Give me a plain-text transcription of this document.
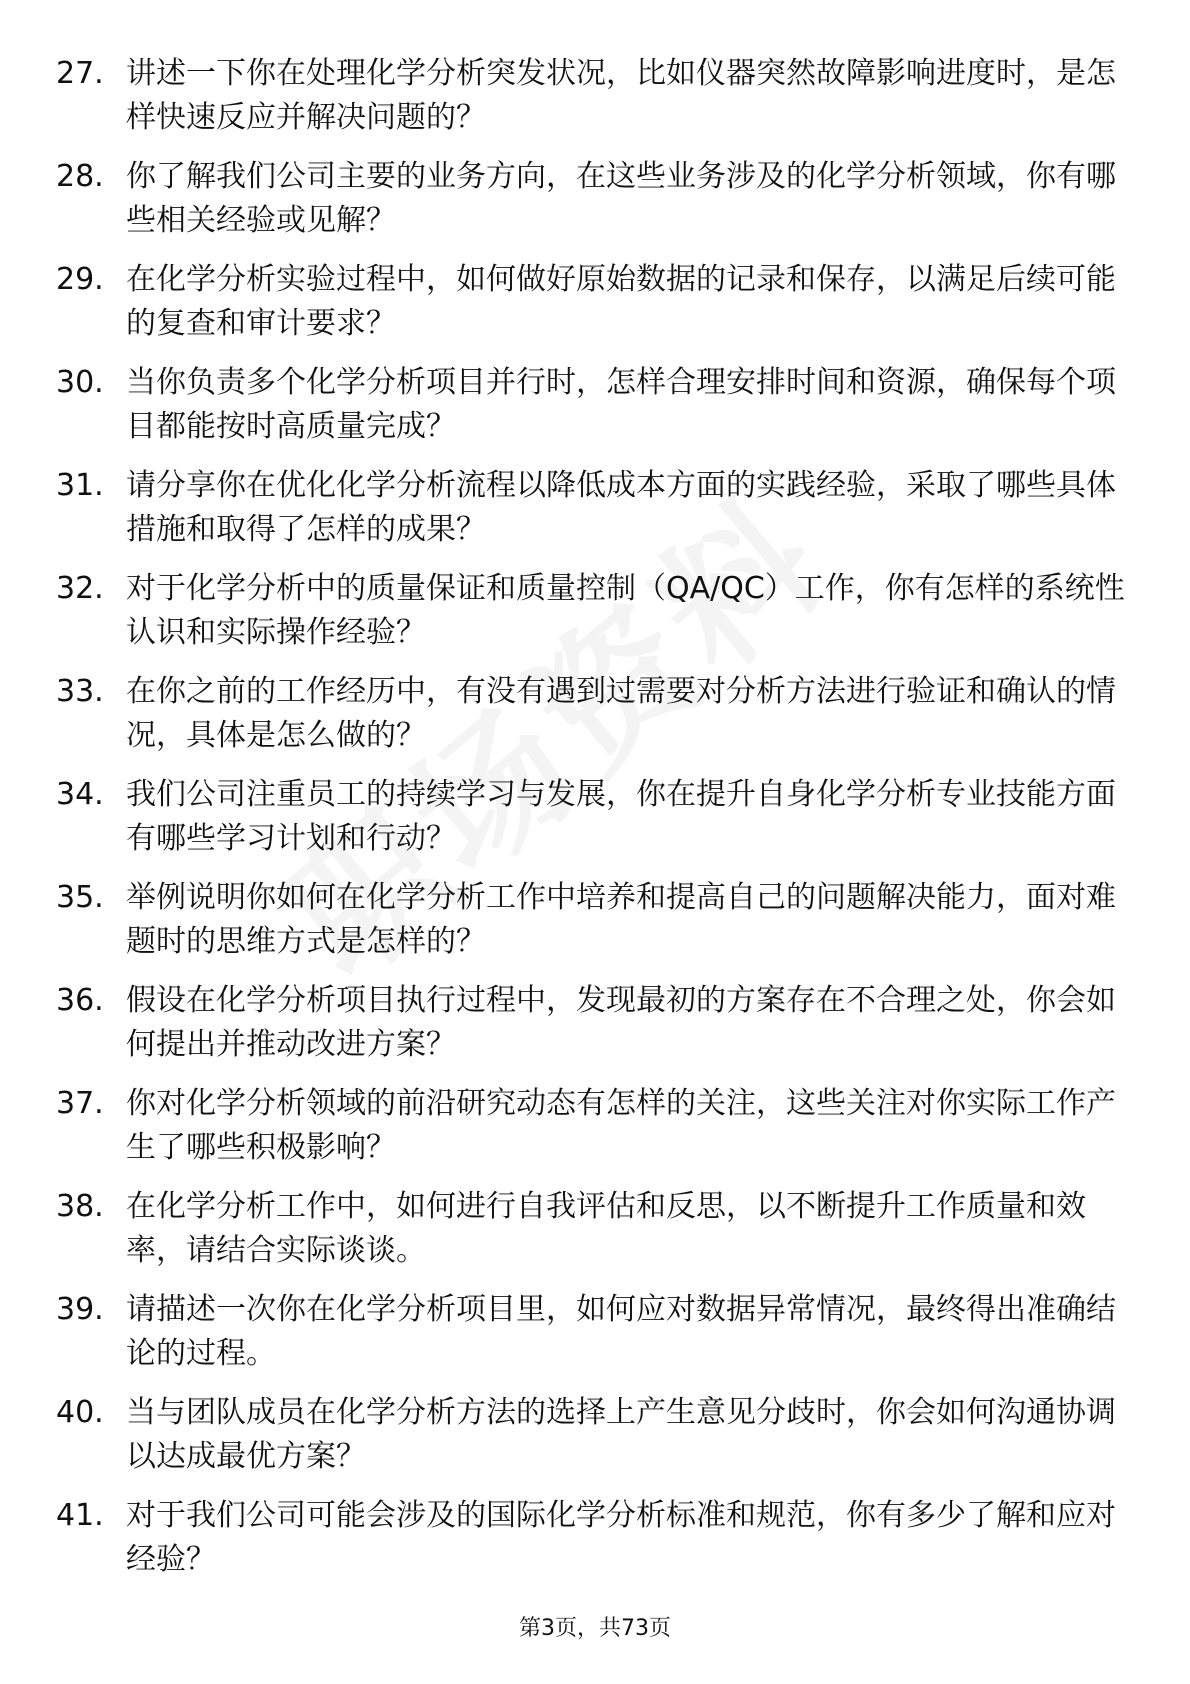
27. 讲述一下你在处理化学分析突发状况，比如仪器突然故障影响进度时，是怎样快速反应并解决问题的？
28. 你了解我们公司主要的业务方向，在这些业务涉及的化学分析领域，你有哪些相关经验或见解？
29. 在化学分析实验过程中，如何做好原始数据的记录和保存，以满足后续可能的复查和审计要求？
30. 当你负责多个化学分析项目并行时，怎样合理安排时间和资源，确保每个项目都能按时高质量完成？
31. 请分享你在优化化学分析流程以降低成本方面的实践经验，采取了哪些具体措施和取得了怎样的成果？
32. 对于化学分析中的质量保证和质量控制（QA/QC）工作，你有怎样的系统性认识和实际操作经验？
33. 在你之前的工作经历中，有没有遇到过需要对分析方法进行验证和确认的情况，具体是怎么做的？
34. 我们公司注重员工的持续学习与发展，你在提升自身化学分析专业技能方面有哪些学习计划和行动？
35. 举例说明你如何在化学分析工作中培养和提高自己的问题解决能力，面对难题时的思维方式是怎样的？
36. 假设在化学分析项目执行过程中，发现最初的方案存在不合理之处，你会如何提出并推动改进方案？
37. 你对化学分析领域的前沿研究动态有怎样的关注，这些关注对你实际工作产生了哪些积极影响？
38. 在化学分析工作中，如何进行自我评估和反思，以不断提升工作质量和效率，请结合实际谈谈。
39. 请描述一次你在化学分析项目里，如何应对数据异常情况，最终得出准确结论的过程。
40. 当与团队成员在化学分析方法的选择上产生意见分歧时，你会如何沟通协调以达成最优方案？
41. 对于我们公司可能会涉及的国际化学分析标准和规范，你有多少了解和应对经验？
第3页，共73页
